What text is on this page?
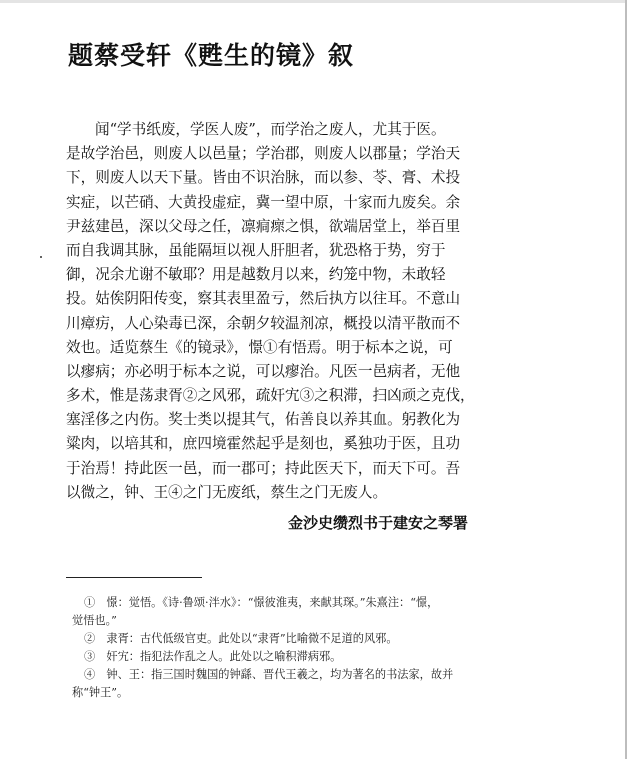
题蔡受轩《甦生的镜》叙
闻“学书纸废，学医人废”，而学治之废人，尤其于医。
是故学治邑，则废人以邑量；学治郡，则废人以郡量；学治天
下，则废人以天下量。皆由不识治脉，而以参、苓、膏、术投
实症，以芒硝、大黄投虚症，冀一望中原，十家而九废矣。余
尹兹建邑，深以父母之任，凛痌瘝之惧，欲端居堂上，举百里
而自我调其脉，虽能隔垣以视人肝胆者，犹恐格于势，穷于
御，况余尤谢不敏耶？用是越数月以来，约笼中物，未敢轻
投。姑俟阴阳传变，察其表里盈亏，然后执方以往耳。不意山
川瘴疠，人心染毒已深，余朝夕较温剂凉，概投以清平散而不
效也。适览蔡生《的镜录》，憬①有悟焉。明于标本之说，可
以瘳病；亦必明于标本之说，可以瘳治。凡医一邑病者，无他
多术，惟是荡隶胥②之风邪，疏奸宄③之积滞，扫凶顽之克伐，
塞淫侈之内伤。奖士类以提其气，佑善良以养其血。躬教化为
粱肉，以培其和，庶四境霍然起乎是刻也，奚独功于医，且功
于治焉！持此医一邑，而一郡可；持此医天下，而天下可。吾
以微之，钟、王④之门无废纸，蔡生之门无废人。
金沙史缵烈书于建安之琴署
①　憬：觉悟。《诗·鲁颂·泮水》：“憬彼淮夷，来献其琛。”朱熹注：“憬，
觉悟也。”
②　隶胥：古代低级官吏。此处以“隶胥”比喻微不足道的风邪。
③　奸宄：指犯法作乱之人。此处以之喻积滞病邪。
④　钟、王：指三国时魏国的钟繇、晋代王羲之，均为著名的书法家，故并
称“钟王”。
